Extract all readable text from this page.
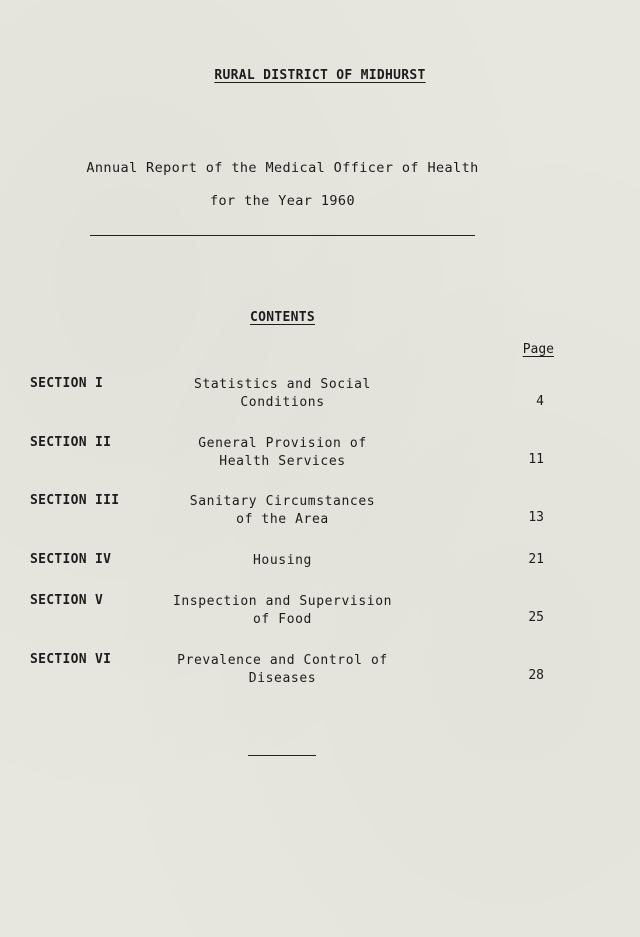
RURAL DISTRICT OF MIDHURST
Annual Report of the Medical Officer of Health
for the Year 1960
CONTENTS
Page
SECTION I	Statistics and Social
Conditions	4
SECTION II	General Provision of
Health Services	11
SECTION III	Sanitary Circumstances
of the Area	13
SECTION IV	Housing	21
SECTION V	Inspection and Supervision
of Food	25
SECTION VI	Prevalence and Control of
Diseases	28
